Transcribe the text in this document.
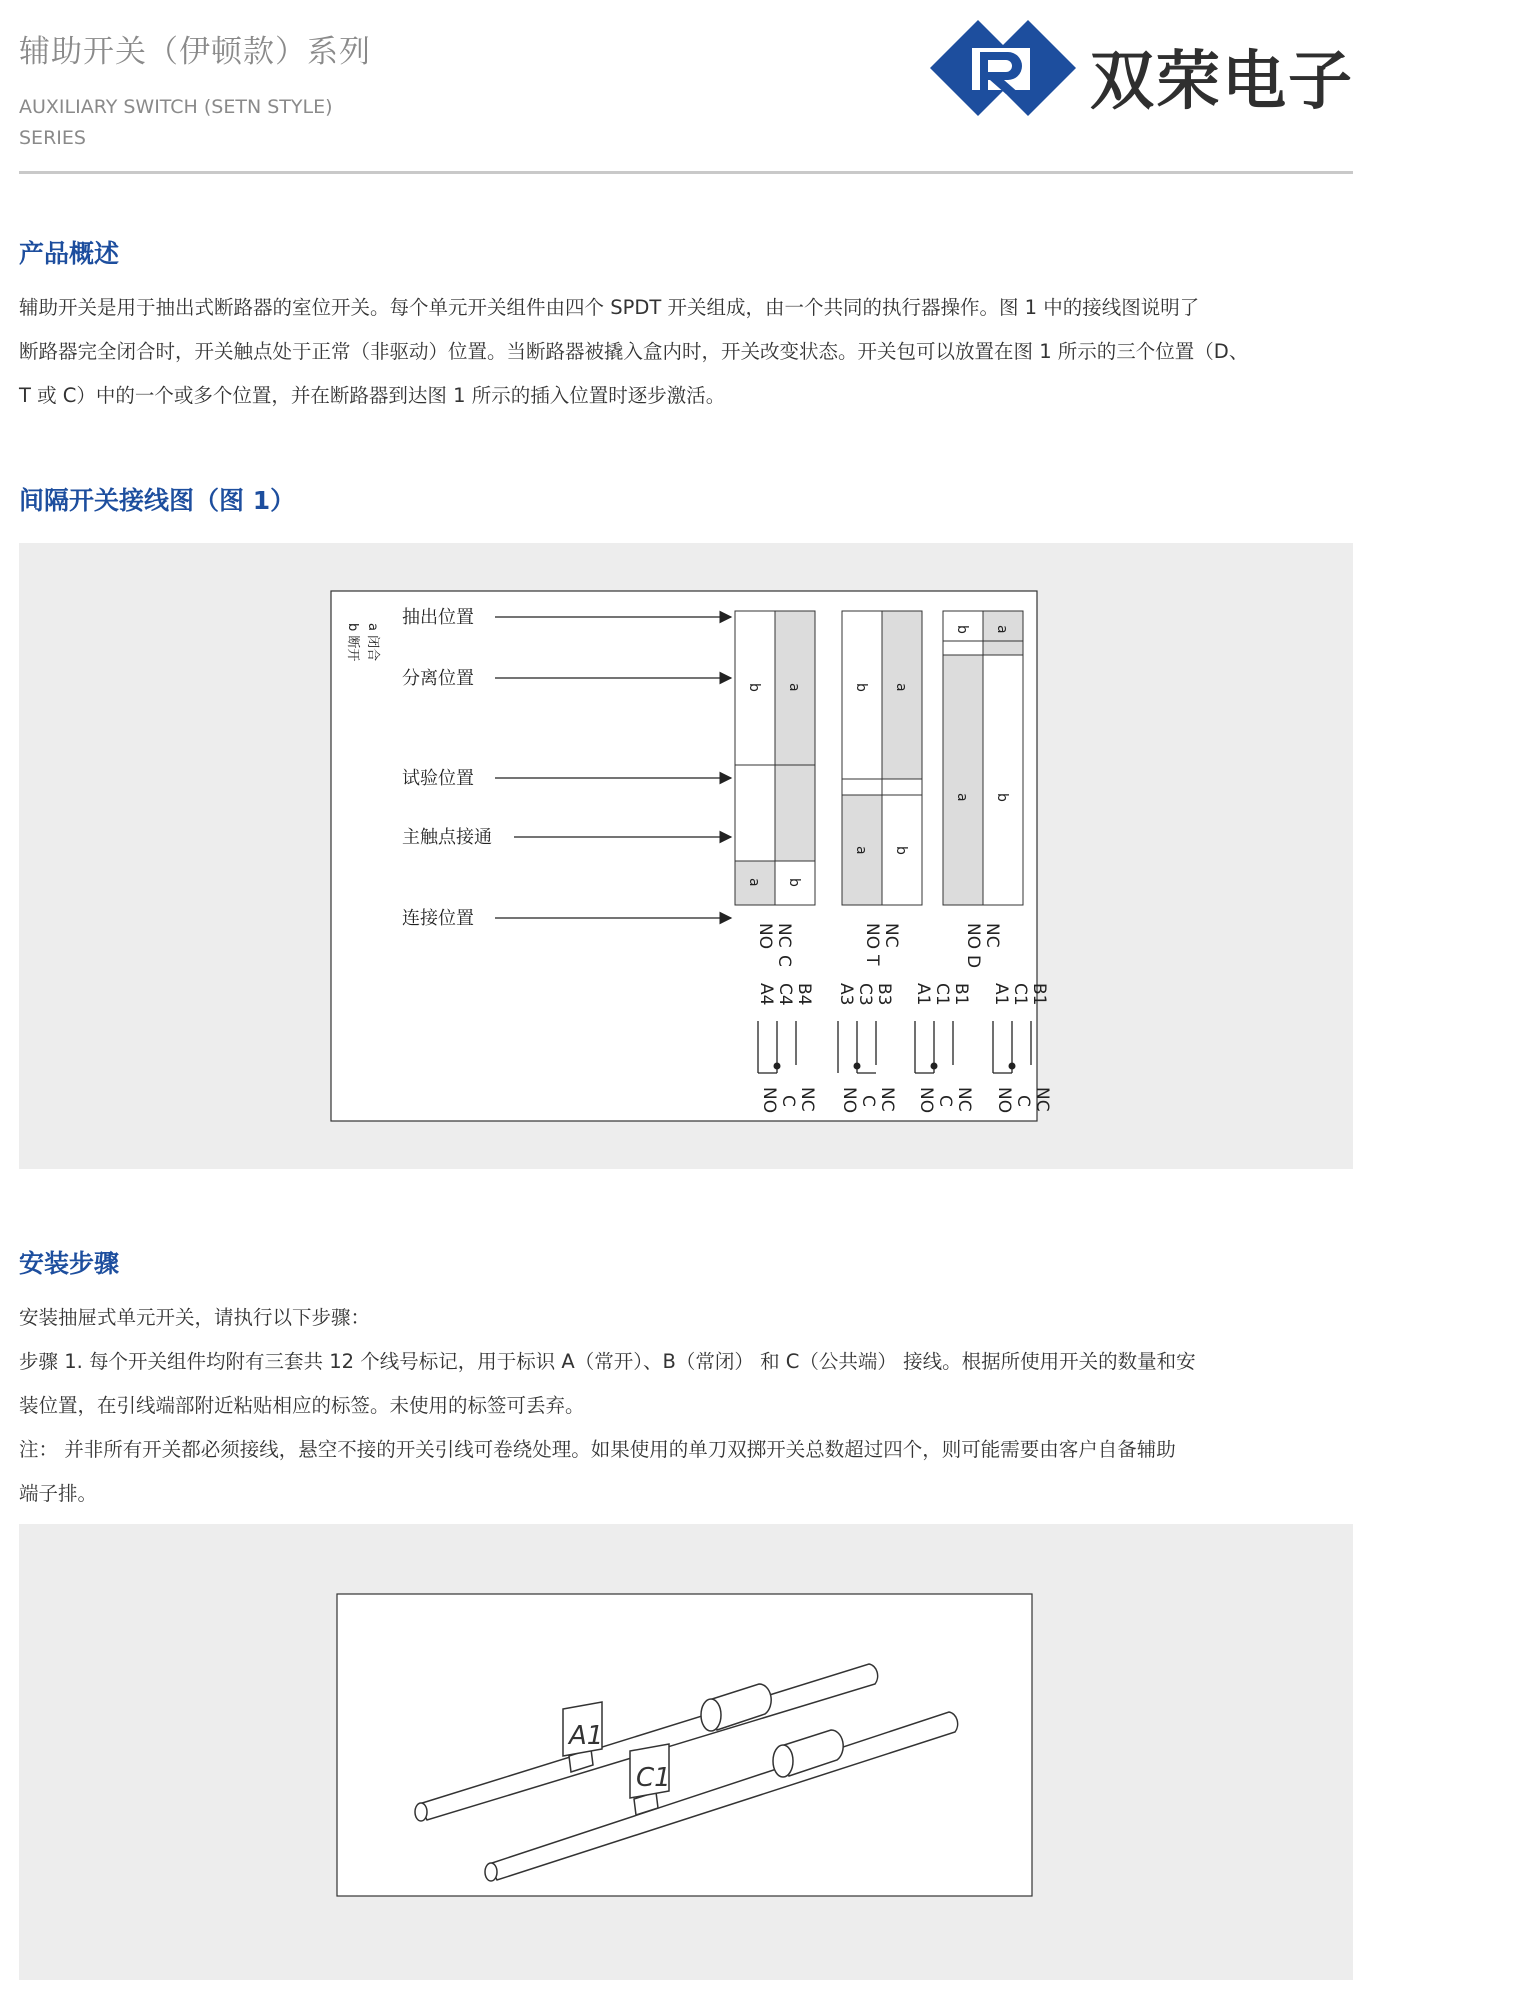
辅助开关（伊顿款）系列
AUXILIARY SWITCH (SETN STYLE)
SERIES
双荣电子
产品概述
辅助开关是用于抽出式断路器的室位开关。每个单元开关组件由四个 SPDT 开关组成，由一个共同的执行器操作。图 1 中的接线图说明了
断路器完全闭合时，开关触点处于正常（非驱动）位置。当断路器被撬入盒内时，开关改变状态。开关包可以放置在图 1 所示的三个位置（D、
T 或 C）中的一个或多个位置，并在断路器到达图 1 所示的插入位置时逐步激活。
间隔开关接线图（图 1）
a 闭合
b 断开
抽出位置
分离位置
试验位置
主触点接通
连接位置
b a
a b
b a
a b
b a
a b
NC
NO
C
NC
NO
T
NC
NO
D
B4
C4
A4	B3
C3
A3	B1
C1
A1	B1
C1
A1
NC
C
NO	NC
C
NO	NC
C
NO	NC
C
NO
安装步骤
安装抽屉式单元开关，请执行以下步骤：
步骤 1. 每个开关组件均附有三套共 12 个线号标记，用于标识 A（常开）、B（常闭） 和 C（公共端） 接线。根据所使用开关的数量和安
装位置，在引线端部附近粘贴相应的标签。未使用的标签可丢弃。
注： 并非所有开关都必须接线，悬空不接的开关引线可卷绕处理。如果使用的单刀双掷开关总数超过四个，则可能需要由客户自备辅助
端子排。
A1
C1
